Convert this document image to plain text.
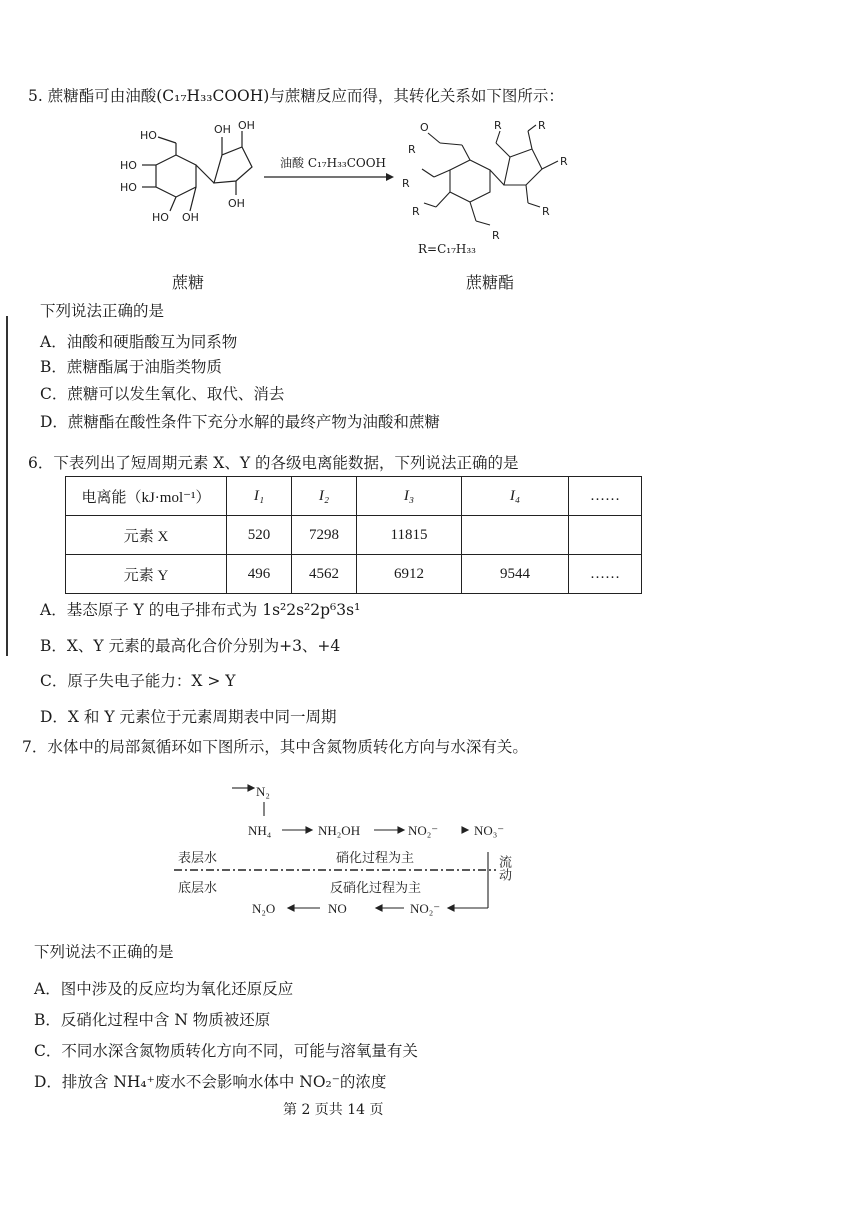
5. 蔗糖酯可由油酸(C₁₇H₃₃COOH)与蔗糖反应而得，其转化关系如下图所示：
HO
HO
HO
HO OH
OH OH
OH
油酸 C₁₇H₃₃COOH
O
R
R
R
R
R	R
R
R
R=C₁₇H₃₃
蔗糖	蔗糖酯
下列说法正确的是
A．油酸和硬脂酸互为同系物
B．蔗糖酯属于油脂类物质
C．蔗糖可以发生氧化、取代、消去
D．蔗糖酯在酸性条件下充分水解的最终产物为油酸和蔗糖
6．下表列出了短周期元素 X、Y 的各级电离能数据，下列说法正确的是
电离能（kJ·mol⁻¹）	I₁	I₂	I₃	I₄	……
元素 X	520	7298	11815		
元素 Y	496	4562	6912	9544	……
A．基态原子 Y 的电子排布式为 1s²2s²2p⁶3s¹
B．X、Y 元素的最高化合价分别为+3、+4
C．原子失电子能力：X > Y
D．X 和 Y 元素位于元素周期表中同一周期
7．水体中的局部氮循环如下图所示，其中含氮物质转化方向与水深有关。
N₂
NH₄	NH₂OH	NO₂⁻	NO₃⁻
表层水
底层水
硝化过程为主
反硝化过程为主
N₂O	NO	NO₂⁻
流动
下列说法不正确的是
A．图中涉及的反应均为氧化还原反应
B．反硝化过程中含 N 物质被还原
C．不同水深含氮物质转化方向不同，可能与溶氧量有关
D．排放含 NH₄⁺废水不会影响水体中 NO₂⁻的浓度
第 2 页共 14 页
